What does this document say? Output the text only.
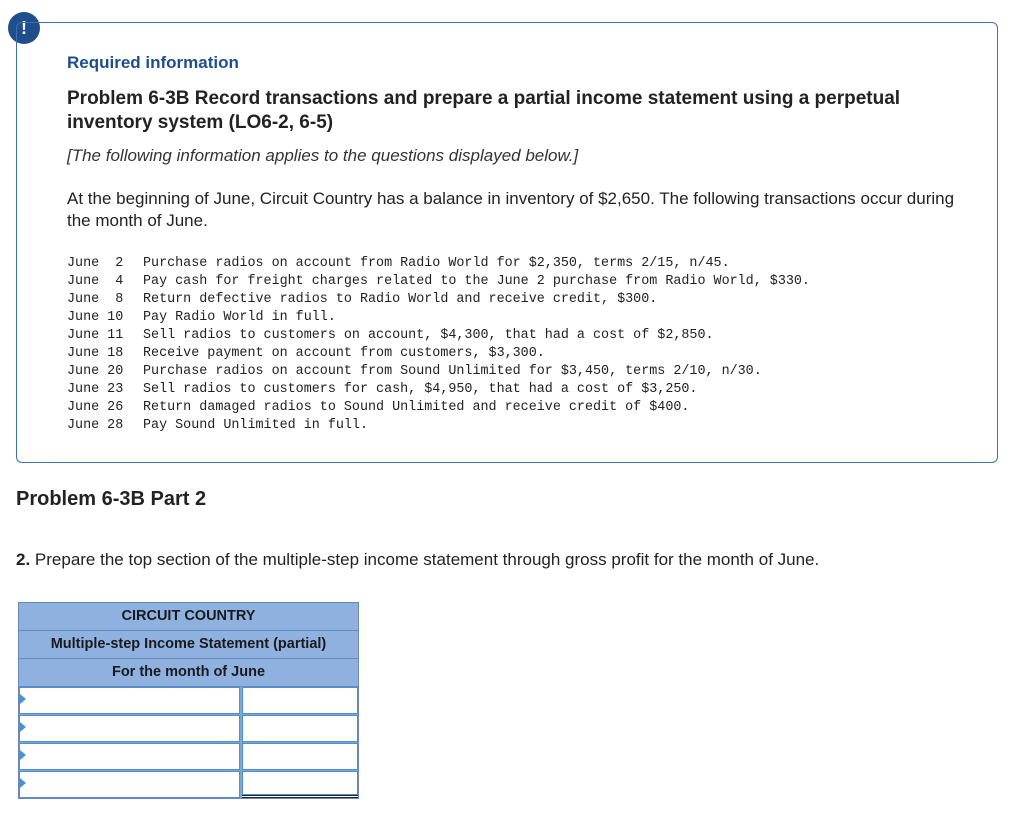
!
Required information
Problem 6-3B Record transactions and prepare a partial income statement using a perpetual inventory system (LO6-2, 6-5)
[The following information applies to the questions displayed below.]
At the beginning of June, Circuit Country has a balance in inventory of $2,650. The following transactions occur during the month of June.
June  2 Purchase radios on account from Radio World for $2,350, terms 2/15, n/45.
June  4 Pay cash for freight charges related to the June 2 purchase from Radio World, $330.
June  8 Return defective radios to Radio World and receive credit, $300.
June 10 Pay Radio World in full.
June 11 Sell radios to customers on account, $4,300, that had a cost of $2,850.
June 18 Receive payment on account from customers, $3,300.
June 20 Purchase radios on account from Sound Unlimited for $3,450, terms 2/10, n/30.
June 23 Sell radios to customers for cash, $4,950, that had a cost of $3,250.
June 26 Return damaged radios to Sound Unlimited and receive credit of $400.
June 28 Pay Sound Unlimited in full.
Problem 6-3B Part 2
2. Prepare the top section of the multiple-step income statement through gross profit for the month of June.
CIRCUIT COUNTRY
Multiple-step Income Statement (partial)
For the month of June
